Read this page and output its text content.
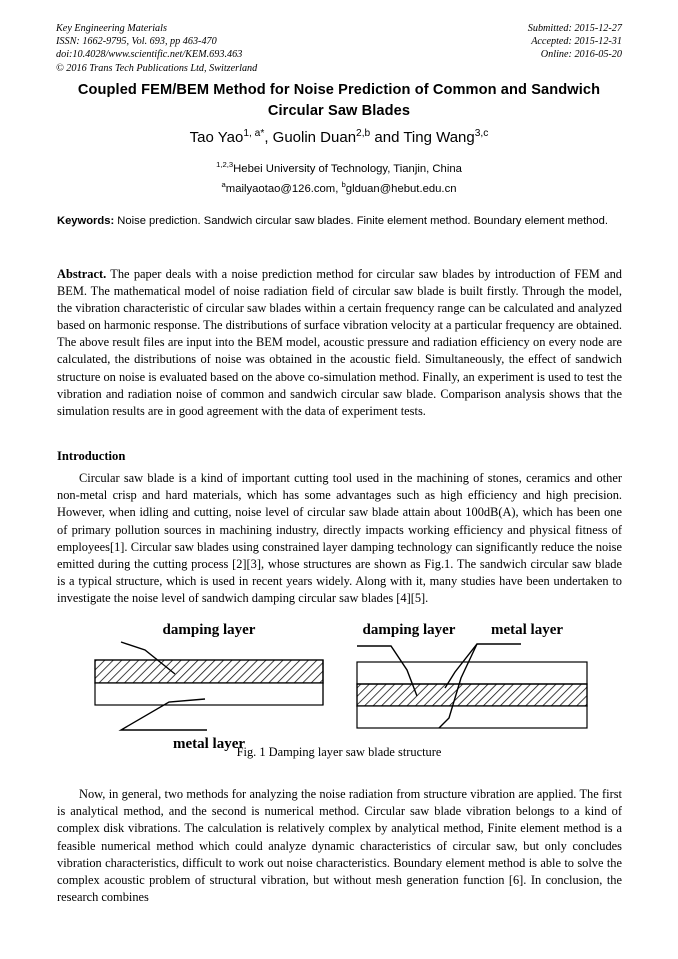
Key Engineering Materials
ISSN: 1662-9795, Vol. 693, pp 463-470
doi:10.4028/www.scientific.net/KEM.693.463
© 2016 Trans Tech Publications Ltd, Switzerland
Submitted: 2015-12-27
Accepted: 2015-12-31
Online: 2016-05-20
Coupled FEM/BEM Method for Noise Prediction of Common and Sandwich Circular Saw Blades
Tao Yao$^{1, a*}$, Guolin Duan$^{2,b}$ and Ting Wang$^{3,c}$
$^{1,2,3}$Hebei University of Technology, Tianjin, China
$^a$mailyaotao@126.com, $^b$glduan@hebut.edu.cn
Keywords: Noise prediction. Sandwich circular saw blades. Finite element method. Boundary element method.
Abstract. The paper deals with a noise prediction method for circular saw blades by introduction of FEM and BEM. The mathematical model of noise radiation field of circular saw blade is built firstly. Through the model, the vibration characteristic of circular saw blades within a certain frequency range can be calculated and analyzed based on harmonic response. The distributions of surface vibration velocity at a particular frequency are obtained. The above result files are input into the BEM model, acoustic pressure and radiation efficiency on every node are calculated, the distributions of noise was obtained in the acoustic field. Simultaneously, the effect of sandwich structure on noise is evaluated based on the above co-simulation method. Finally, an experiment is used to test the vibration and radiation noise of common and sandwich circular saw blade. Comparison analysis shows that the simulation results are in good agreement with the data of experiment tests.
Introduction
Circular saw blade is a kind of important cutting tool used in the machining of stones, ceramics and other non-metal crisp and hard materials, which has some advantages such as high efficiency and high precision. However, when idling and cutting, noise level of circular saw blade attain about 100dB(A), which has been one of primary pollution sources in machining industry, directly impacts working efficiency and physical fitness of employees[1]. Circular saw blades using constrained layer damping technology can significantly reduce the noise emitted during the cutting process [2][3], whose structures are shown as Fig.1. The sandwich circular saw blade is a typical structure, which is used in recent years widely. Along with it, many studies have been undertaken to investigate the noise level of sandwich damping circular saw blades [4][5].
damping layer
metal layer
damping layer metal layer
Fig. 1 Damping layer saw blade structure
Now, in general, two methods for analyzing the noise radiation from structure vibration are applied. The first is analytical method, and the second is numerical method. Circular saw blade vibration belongs to a kind of complex disk vibrations. The calculation is relatively complex by analytical method, Finite element method is a feasible numerical method which could analyze dynamic characteristics of circular saw, but only concludes vibration characteristics, difficult to work out noise characteristics. Boundary element method is able to solve the complex acoustic problem of structural vibration, but without mesh generation function [6]. In conclusion, the research combines
